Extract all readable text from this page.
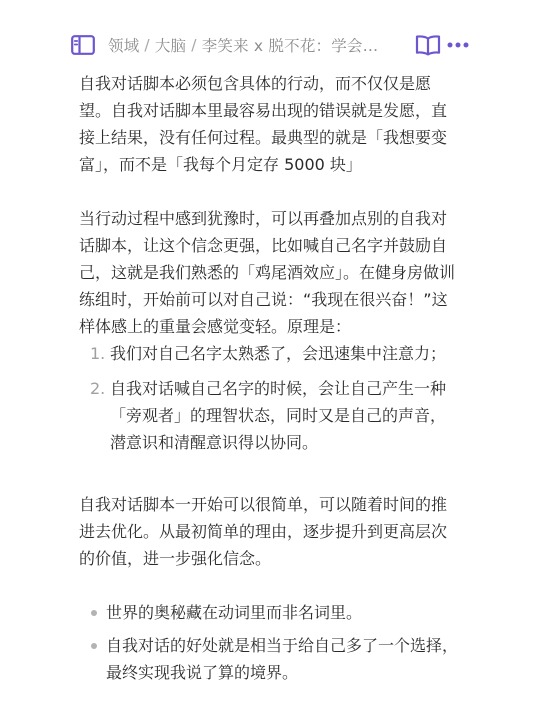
领域 / 大脑 / 李笑来 x 脱不花：学会…

自我对话脚本必须包含具体的行动，而不仅仅是愿望。自我对话脚本里最容易出现的错误就是发愿，直接上结果，没有任何过程。最典型的就是「我想要变富」，而不是「我每个月定存 5000 块」

当行动过程中感到犹豫时，可以再叠加点别的自我对话脚本，让这个信念更强，比如喊自己名字并鼓励自己，这就是我们熟悉的「鸡尾酒效应」。在健身房做训练组时，开始前可以对自己说：“我现在很兴奋！”这样体感上的重量会感觉变轻。原理是：

1. 我们对自己名字太熟悉了，会迅速集中注意力；
2. 自我对话喊自己名字的时候，会让自己产生一种「旁观者」的理智状态，同时又是自己的声音，潜意识和清醒意识得以协同。

自我对话脚本一开始可以很简单，可以随着时间的推进去优化。从最初简单的理由，逐步提升到更高层次的价值，进一步强化信念。

世界的奥秘藏在动词里而非名词里。
自我对话的好处就是相当于给自己多了一个选择，最终实现我说了算的境界。
